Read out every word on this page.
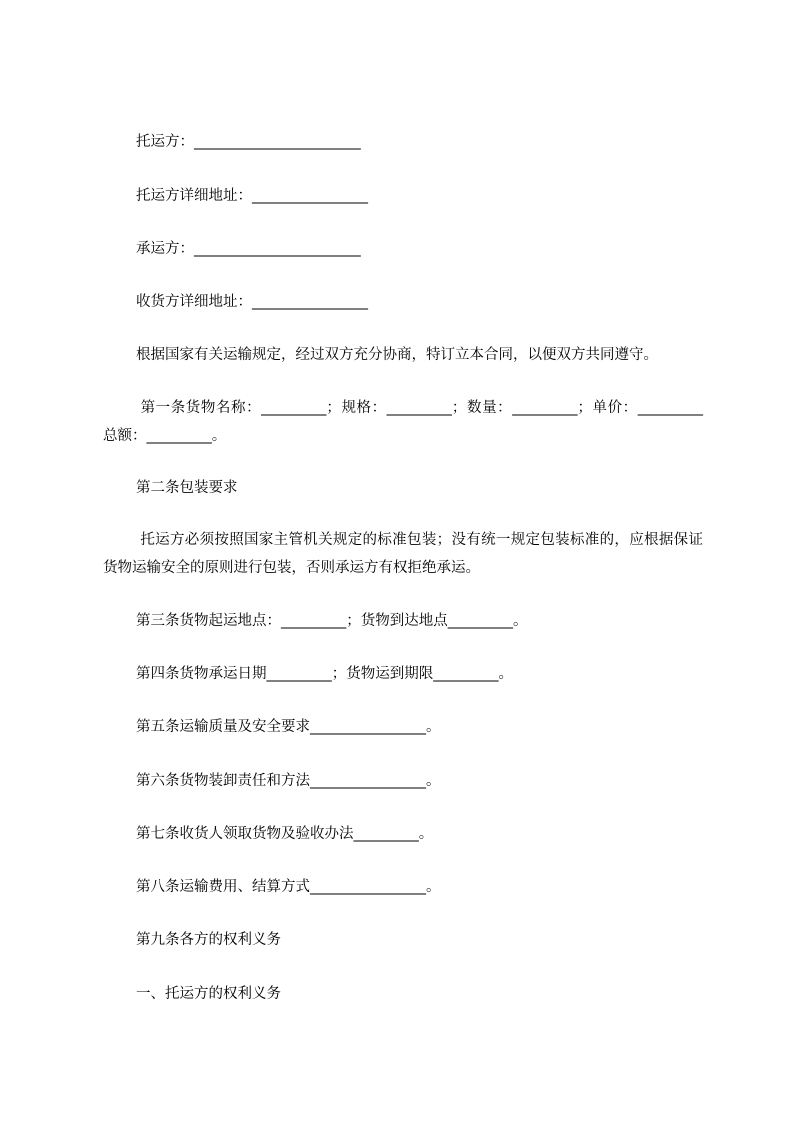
托运方：_______________________
托运方详细地址：________________
承运方：_______________________
收货方详细地址：________________
根据国家有关运输规定，经过双方充分协商，特订立本合同，以便双方共同遵守。
第一条货物名称：_________；规格：_________；数量：_________；单价：_________总额：_________。
第二条包装要求
托运方必须按照国家主管机关规定的标准包装；没有统一规定包装标准的，应根据保证货物运输安全的原则进行包装，否则承运方有权拒绝承运。
第三条货物起运地点：_________；货物到达地点_________。
第四条货物承运日期_________；货物运到期限_________。
第五条运输质量及安全要求________________。
第六条货物装卸责任和方法________________。
第七条收货人领取货物及验收办法_________。
第八条运输费用、结算方式________________。
第九条各方的权利义务
一、托运方的权利义务
